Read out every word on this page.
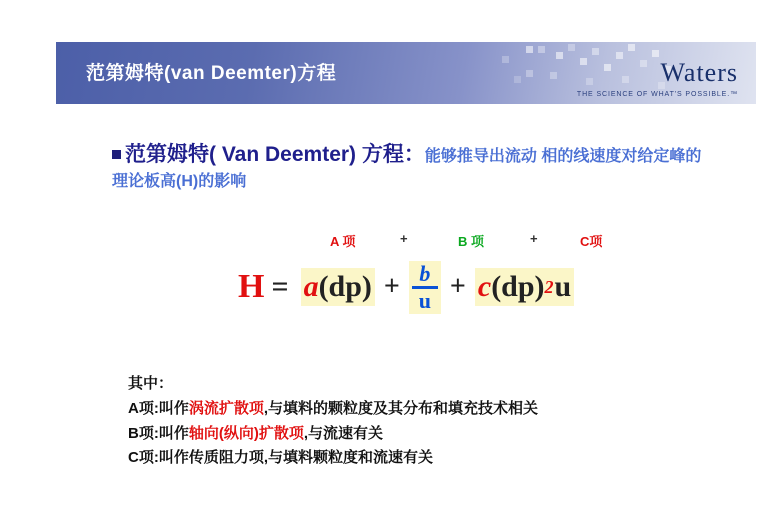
范第姆特(van Deemter)方程	Waters
THE SCIENCE OF WHAT'S POSSIBLE.™
范第姆特( Van Deemter) 方程：能够推导出流动 相的线速度对给定峰的理论板高(H)的影响
A 项	+	B 项	+	C项
H = a $(dp) + \frac{b}{u} + c$ (dp) 2 u
其中：
A项:叫作涡流扩散项,与填料的颗粒度及其分布和填充技术相关
B项:叫作轴向(纵向)扩散项,与流速有关
C项:叫作传质阻力项,与填料颗粒度和流速有关
